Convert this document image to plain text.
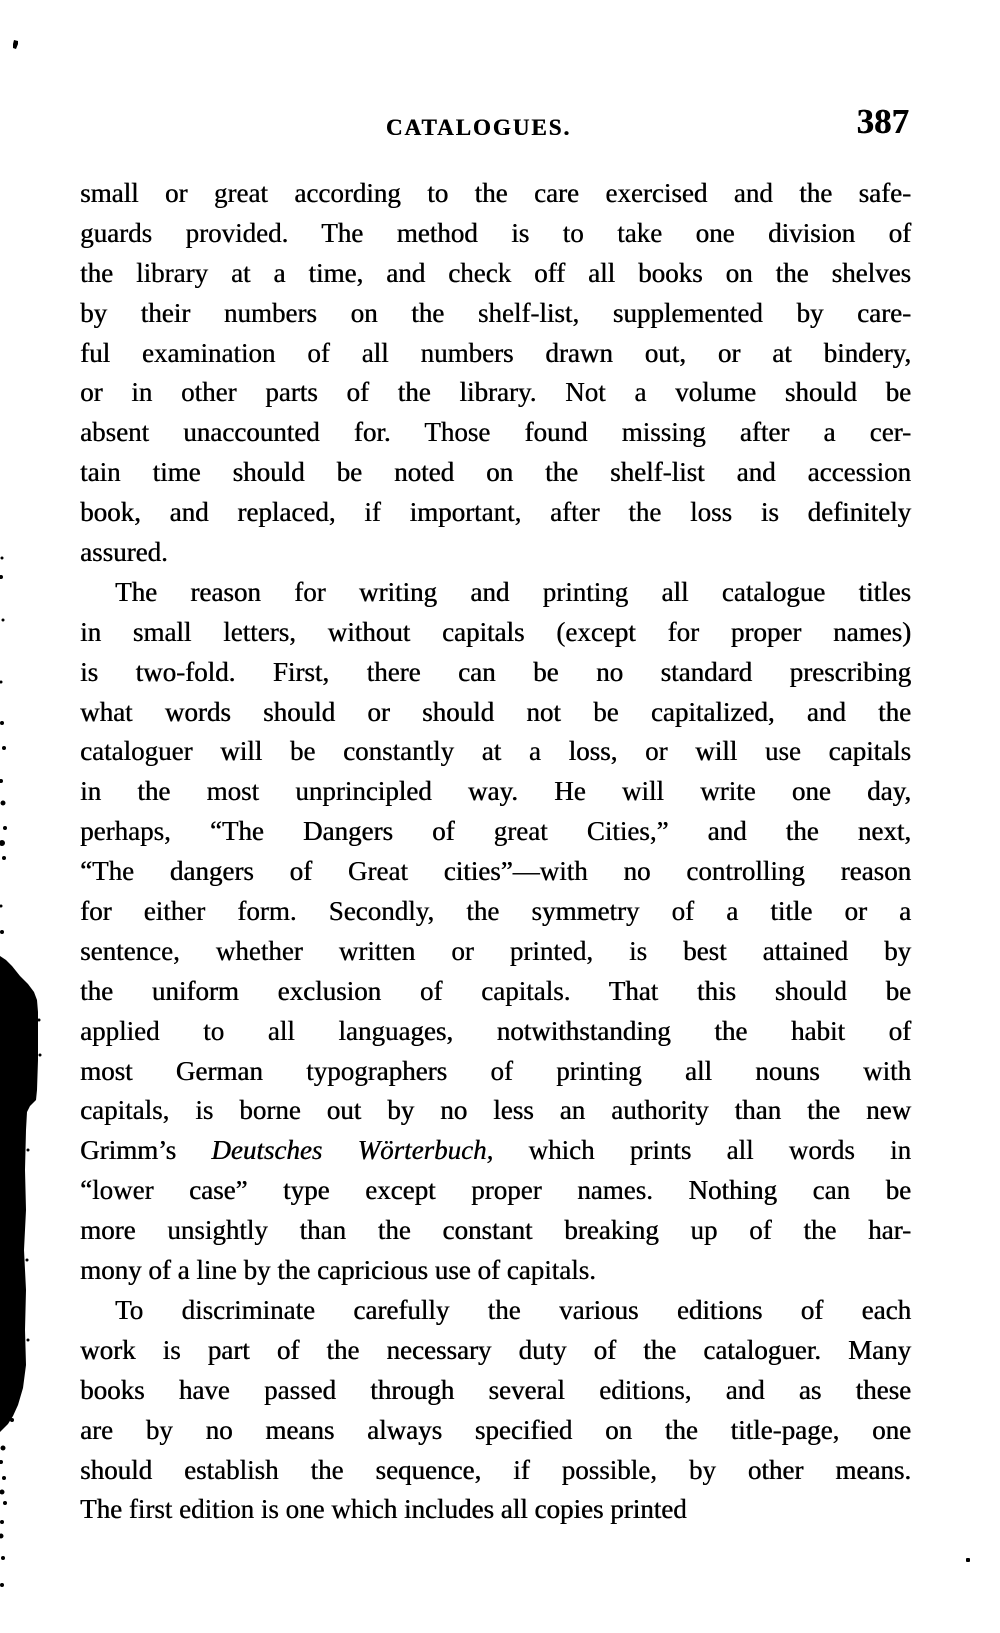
CATALOGUES.	387
small or great according to the care exercised and the safe-
guards provided. The method is to take one division of
the library at a time, and check off all books on the shelves
by their numbers on the shelf-list, supplemented by care-
ful examination of all numbers drawn out, or at bindery,
or in other parts of the library. Not a volume should be
absent unaccounted for. Those found missing after a cer-
tain time should be noted on the shelf-list and accession
book, and replaced, if important, after the loss is definitely
assured.
The reason for writing and printing all catalogue titles
in small letters, without capitals (except for proper names)
is two-fold. First, there can be no standard prescribing
what words should or should not be capitalized, and the
cataloguer will be constantly at a loss, or will use capitals
in the most unprincipled way. He will write one day,
perhaps, “The Dangers of great Cities,” and the next,
“The dangers of Great cities”—with no controlling reason
for either form. Secondly, the symmetry of a title or a
sentence, whether written or printed, is best attained by
the uniform exclusion of capitals. That this should be
applied to all languages, notwithstanding the habit of
most German typographers of printing all nouns with
capitals, is borne out by no less an authority than the new
Grimm’s Deutsches Wörterbuch, which prints all words in
“lower case” type except proper names. Nothing can be
more unsightly than the constant breaking up of the har-
mony of a line by the capricious use of capitals.
To discriminate carefully the various editions of each
work is part of the necessary duty of the cataloguer. Many
books have passed through several editions, and as these
are by no means always specified on the title-page, one
should establish the sequence, if possible, by other means.
The first edition is one which includes all copies printed
